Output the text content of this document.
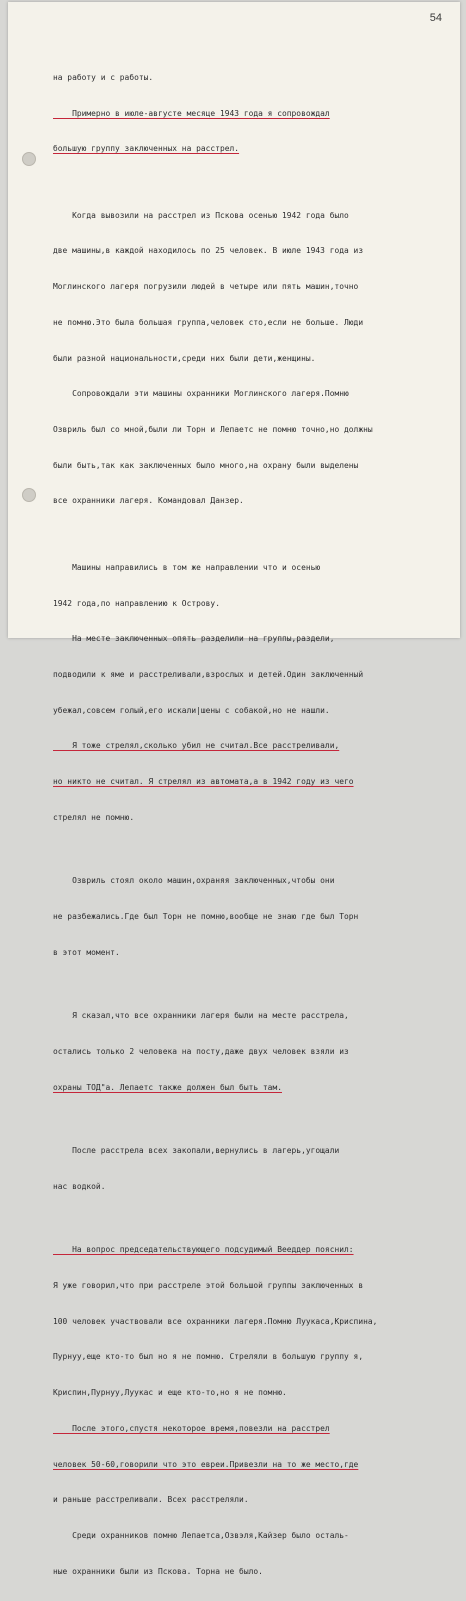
54

на работу и с работы.

Примерно в июле-августе месяце 1943 года я сопровождал

большую группу заключенных на расстрел.

Когда вывозили на расстрел из Пскова осенью 1942 года было

две машины,в каждой находилось по 25 человек. В июле 1943 года из

Моглинского лагеря погрузили людей в четыре или пять машин,точно

не помню.Это была большая группа,человек сто,если не больше. Люди

были разной национальности,среди них были дети,женщины.

Сопровождали эти машины охранники Моглинского лагеря.Помню

Озвриль был со мной,были ли Торн и Лепаетс не помню точно,но должны

были быть,так как заключенных было много,на охрану были выделены

все охранники лагеря. Командовал Данзер.

Машины направились в том же направлении что и осенью

1942 года,по направлению к Острову.

На месте заключенных опять разделили на группы,раздели,

подводили к яме и расстреливали,взрослых и детей.Один заключенный

убежал,совсем голый,его искали|шены с собакой,но не нашли.

Я тоже стрелял,сколько убил не считал.Все расстреливали,

но никто не считал. Я стрелял из автомата,а в 1942 году из чего

стрелял не помню.

Озвриль стоял около машин,охраняя заключенных,чтобы они

не разбежались.Где был Торн не помню,вообще не знаю где был Торн

в этот момент.

Я сказал,что все охранники лагеря были на месте расстрела,

остались только 2 человека на посту,даже двух человек взяли из

охраны ТОД"а. Лепаетс также должен был быть там.

После расстрела всех закопали,вернулись в лагерь,угощали

нас водкой.

На вопрос председательствующего подсудимый Вееддер пояснил:

Я уже говорил,что при расстреле этой большой группы заключенных в

100 человек участвовали все охранники лагеря.Помню Луукаса,Криспина,

Пурнуу,еще кто-то был но я не помню. Стреляли в большую группу я,

Криспин,Пурнуу,Луукас и еще кто-то,но я не помню.

После этого,спустя некоторое время,повезли на расстрел

человек 50-60,говорили что это евреи.Привезли на то же место,где

и раньше расстреливали. Всех расстреляли.

Среди охранников помню Лепаетса,Озвэля,Кайзер было осталь-

ные охранники были из Пскова. Торна не было.
